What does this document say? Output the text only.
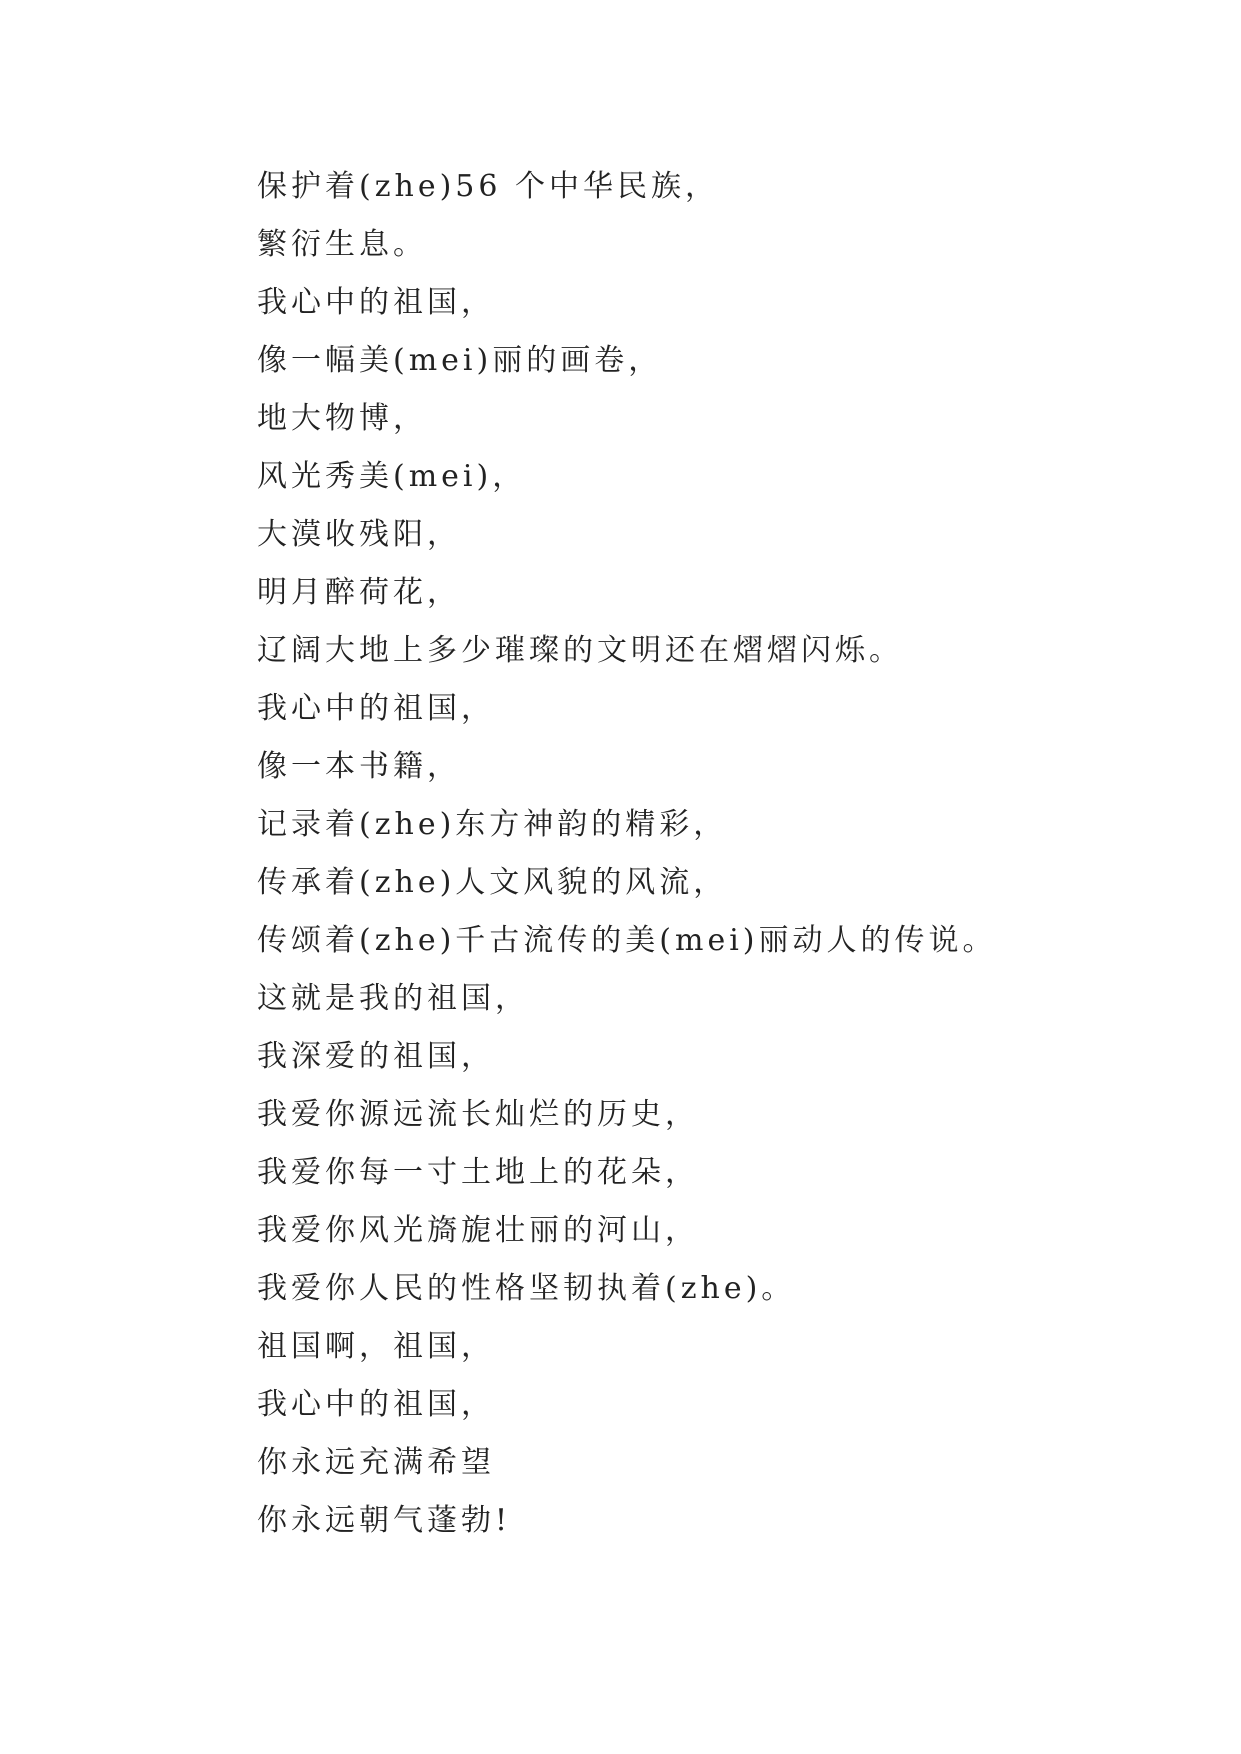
保护着(zhe)56 个中华民族，

繁衍生息。

我心中的祖国，

像一幅美(mei)丽的画卷，

地大物博，

风光秀美(mei)，

大漠收残阳，

明月醉荷花，

辽阔大地上多少璀璨的文明还在熠熠闪烁。

我心中的祖国，

像一本书籍，

记录着(zhe)东方神韵的精彩，

传承着(zhe)人文风貌的风流，

传颂着(zhe)千古流传的美(mei)丽动人的传说。

这就是我的祖国，

我深爱的祖国，

我爱你源远流长灿烂的历史，

我爱你每一寸土地上的花朵，

我爱你风光旖旎壮丽的河山，

我爱你人民的性格坚韧执着(zhe)。

祖国啊，祖国，

我心中的祖国，

你永远充满希望

你永远朝气蓬勃!
